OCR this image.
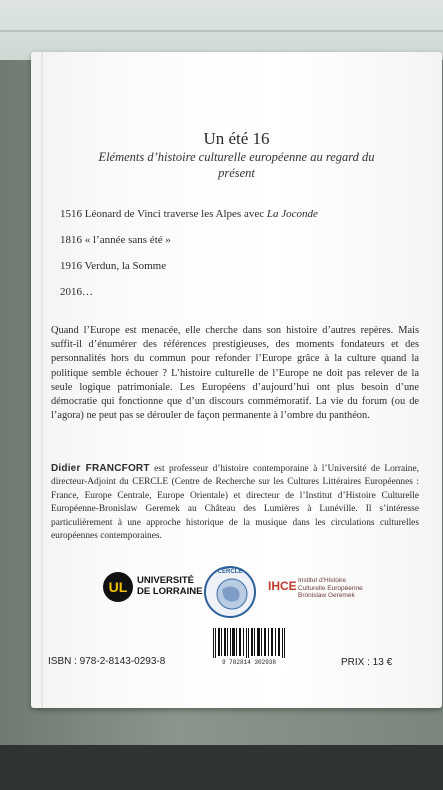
Un été 16
Eléments d’histoire culturelle européenne au regard du présent
1516 Léonard de Vinci traverse les Alpes avec La Joconde
1816 « l’année sans été »
1916 Verdun, la Somme
2016…
Quand l’Europe est menacée, elle cherche dans son histoire d’autres repères. Mais suffit-il d’énumérer des références prestigieuses, des moments fondateurs et des personnalités hors du commun pour refonder l’Europe grâce à la culture quand la politique semble échouer ? L’histoire culturelle de l’Europe ne doit pas relever de la seule logique patrimoniale. Les Européens d’aujourd’hui ont plus besoin d’une démocratie qui fonctionne que d’un discours commémoratif. La vie du forum (ou de l’agora) ne peut pas se dérouler de façon permanente à l’ombre du panthéon.
Didier FRANCFORT est professeur d’histoire contemporaine à l’Université de Lorraine, directeur-Adjoint du CERCLE (Centre de Recherche sur les Cultures Littéraires Européennes : France, Europe Centrale, Europe Orientale) et directeur de l’Institut d’Histoire Culturelle Européenne-Bronislaw Geremek au Château des Lumières à Lunéville. Il s’intéresse particulièrement à une approche historique de la musique dans les circulations culturelles européennes contemporaines.
UL	UNIVERSITÉ
DE LORRAINE
CERCLE
IHCE Institut d’Histoire
Culturelle Européenne
Bronislaw Geremek
9 782814 302938
ISBN : 978-2-8143-0293-8	PRIX : 13 €
